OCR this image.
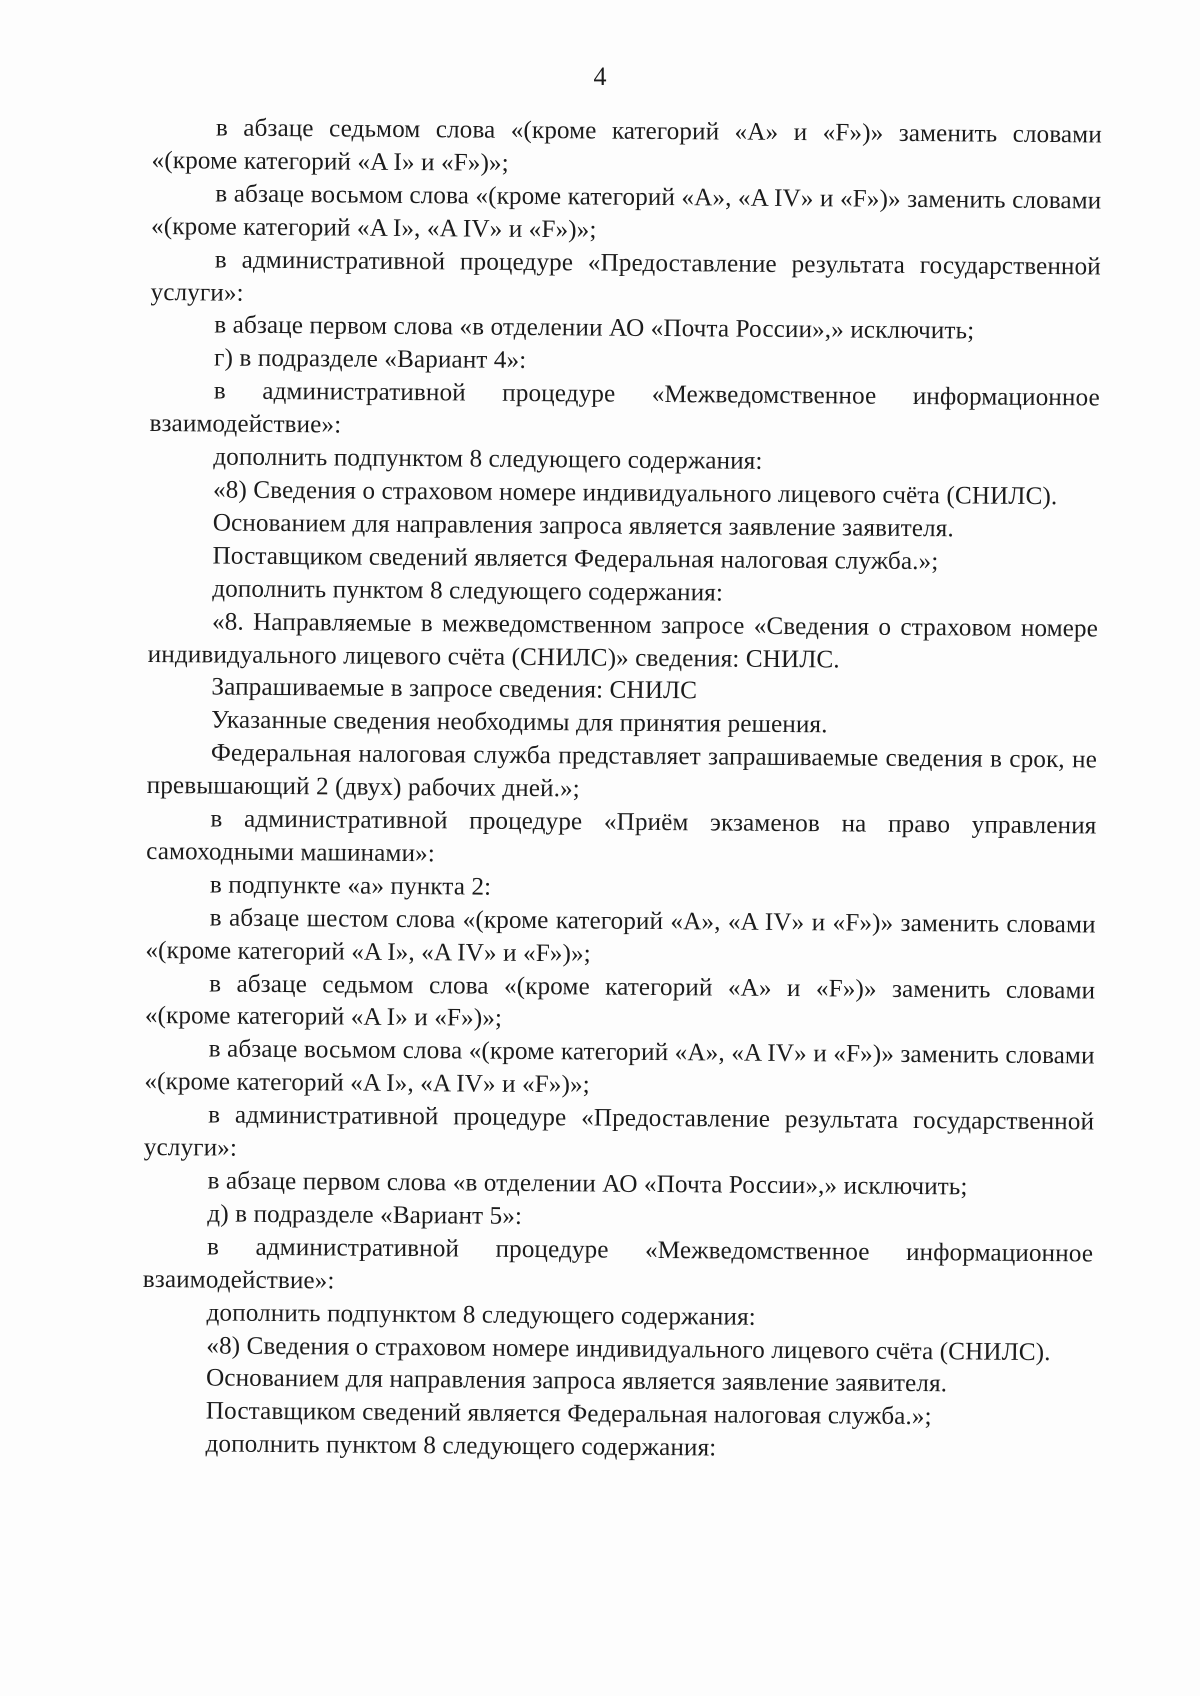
4

в абзаце седьмом слова «(кроме категорий «A» и «F»)» заменить словами «(кроме категорий «A I» и «F»)»;

в абзаце восьмом слова «(кроме категорий «A», «A IV» и «F»)» заменить словами «(кроме категорий «A I», «A IV» и «F»)»;

в административной процедуре «Предоставление результата государственной услуги»:

в абзаце первом слова «в отделении АО «Почта России»,» исключить;

г) в подразделе «Вариант 4»:

в административной процедуре «Межведомственное информационное взаимодействие»:

дополнить подпунктом 8 следующего содержания:

«8) Сведения о страховом номере индивидуального лицевого счёта (СНИЛС).

Основанием для направления запроса является заявление заявителя.

Поставщиком сведений является Федеральная налоговая служба.»;

дополнить пунктом 8 следующего содержания:

«8. Направляемые в межведомственном запросе «Сведения о страховом номере индивидуального лицевого счёта (СНИЛС)» сведения: СНИЛС.

Запрашиваемые в запросе сведения: СНИЛС

Указанные сведения необходимы для принятия решения.

Федеральная налоговая служба представляет запрашиваемые сведения в срок, не превышающий 2 (двух) рабочих дней.»;

в административной процедуре «Приём экзаменов на право управления самоходными машинами»:

в подпункте «а» пункта 2:

в абзаце шестом слова «(кроме категорий «A», «A IV» и «F»)» заменить словами «(кроме категорий «A I», «A IV» и «F»)»;

в абзаце седьмом слова «(кроме категорий «A» и «F»)» заменить словами «(кроме категорий «A I» и «F»)»;

в абзаце восьмом слова «(кроме категорий «A», «A IV» и «F»)» заменить словами «(кроме категорий «A I», «A IV» и «F»)»;

в административной процедуре «Предоставление результата государственной услуги»:

в абзаце первом слова «в отделении АО «Почта России»,» исключить;

д) в подразделе «Вариант 5»:

в административной процедуре «Межведомственное информационное взаимодействие»:

дополнить подпунктом 8 следующего содержания:

«8) Сведения о страховом номере индивидуального лицевого счёта (СНИЛС).

Основанием для направления запроса является заявление заявителя.

Поставщиком сведений является Федеральная налоговая служба.»;

дополнить пунктом 8 следующего содержания:
